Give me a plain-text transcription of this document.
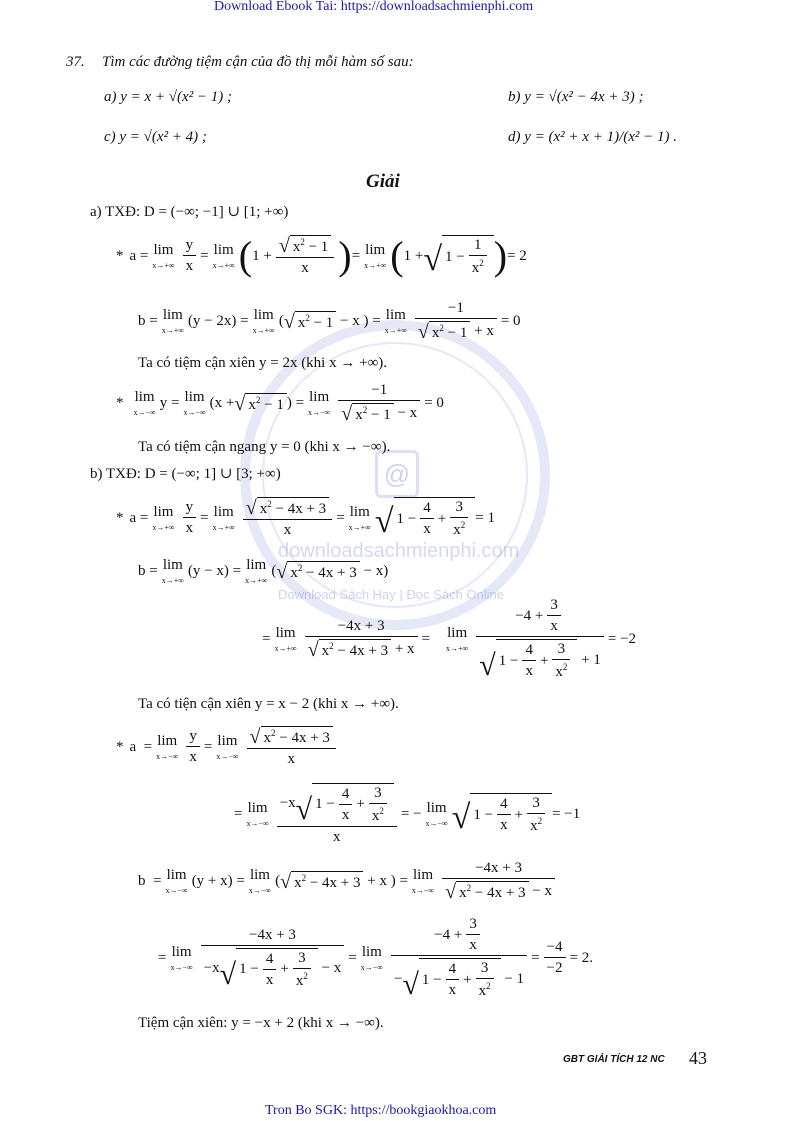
@
downloadsachmienphi.com
Download Sách Hay | Đọc Sách Online
Download Ebook Tai: https://downloadsachmienphi.com
37. Tìm các đường tiệm cận của đồ thị mỗi hàm số sau:
a) y = x + √(x² − 1) ;	b) y = √(x² − 4x + 3) ;
c) y = √(x² + 4) ;	d) y = (x² + x + 1)/(x² − 1) .
Giải
a) TXĐ: D = (−∞; −1] ∪ [1; +∞)
* a = lim
$x\to+\infty \frac{y}{x} = \lim$
x→+∞ ( $1 + \frac{√ x^2 - 1}{x}$ ) = lim
x→+∞ ( 1 + √ 1 −
1
$x^2$ ) = 2
b = lim
x→+∞
(y − 2x) = lim
x→+∞
( √ $x^2 - 1 - x$ ) = lim
$x\to+\infty \frac{-1}{√ x^2 - 1 + x} = 0$
Ta có tiệm cận xiên y = 2x (khi x → +∞).
* lim
x→−∞
y = lim
x→−∞
(x + √ $x^2 - 1$ ) = lim
$x\to-\infty \frac{-1}{√ x^2 - 1 - x} = 0$
Ta có tiệm cận ngang y = 0 (khi x → −∞).
b) TXĐ: D = (−∞; 1] ∪ [3; +∞)
* a = lim
$x\to+\infty \frac{y}{x} = \lim$
$x\to+\infty \frac{√ x^2 - 4x + 3}{x} = \lim$
x→+∞ √ 1 −
4
x
+
3
$x^2 = 1$
b = lim
x→+∞
(y − x) = lim
x→+∞
( √ $x^2 - 4x + 3 - x$)
= lim
$x\to+\infty \frac{-4x + 3}{√ x^2 - 4x + 3 + x} = \lim$
x→+∞ −4 +
3
x
√ 1 −
4
x
+
3
$x^2 + 1 = -2$
Ta có tiện cận xiên y = x − 2 (khi x → +∞).
* a  = lim
$x\to-\infty \frac{y}{x} = \lim$
x→−∞
√ $x^2 - 4x + 3$
x
= lim
x→−∞ −x √ 1 −
4
x
+
3
$x^2$
x = − lim
x→−∞ √ 1 −
4
x
+
3
$x^2 = -1$
b  = lim
x→−∞
(y + x) = lim
x→−∞
( √ $x^2 - 4x + 3 + x$ ) = lim
x→−∞
−4x + 3
√ $x^2 - 4x + 3 - x$
= lim
x→−∞ −4x + 3
−x √ 1 −
4
x
+
3
$x^2 - x = \lim$
x→−∞ −4 +
3
x
− √ 1 −
4
x
+
3
$x^2 - 1 = \frac{-4}{-2} = 2$.
Tiệm cận xiên: y = −x + 2 (khi x → −∞).
GBT GIẢI TÍCH 12 NC 43
Tron Bo SGK: https://bookgiaokhoa.com
